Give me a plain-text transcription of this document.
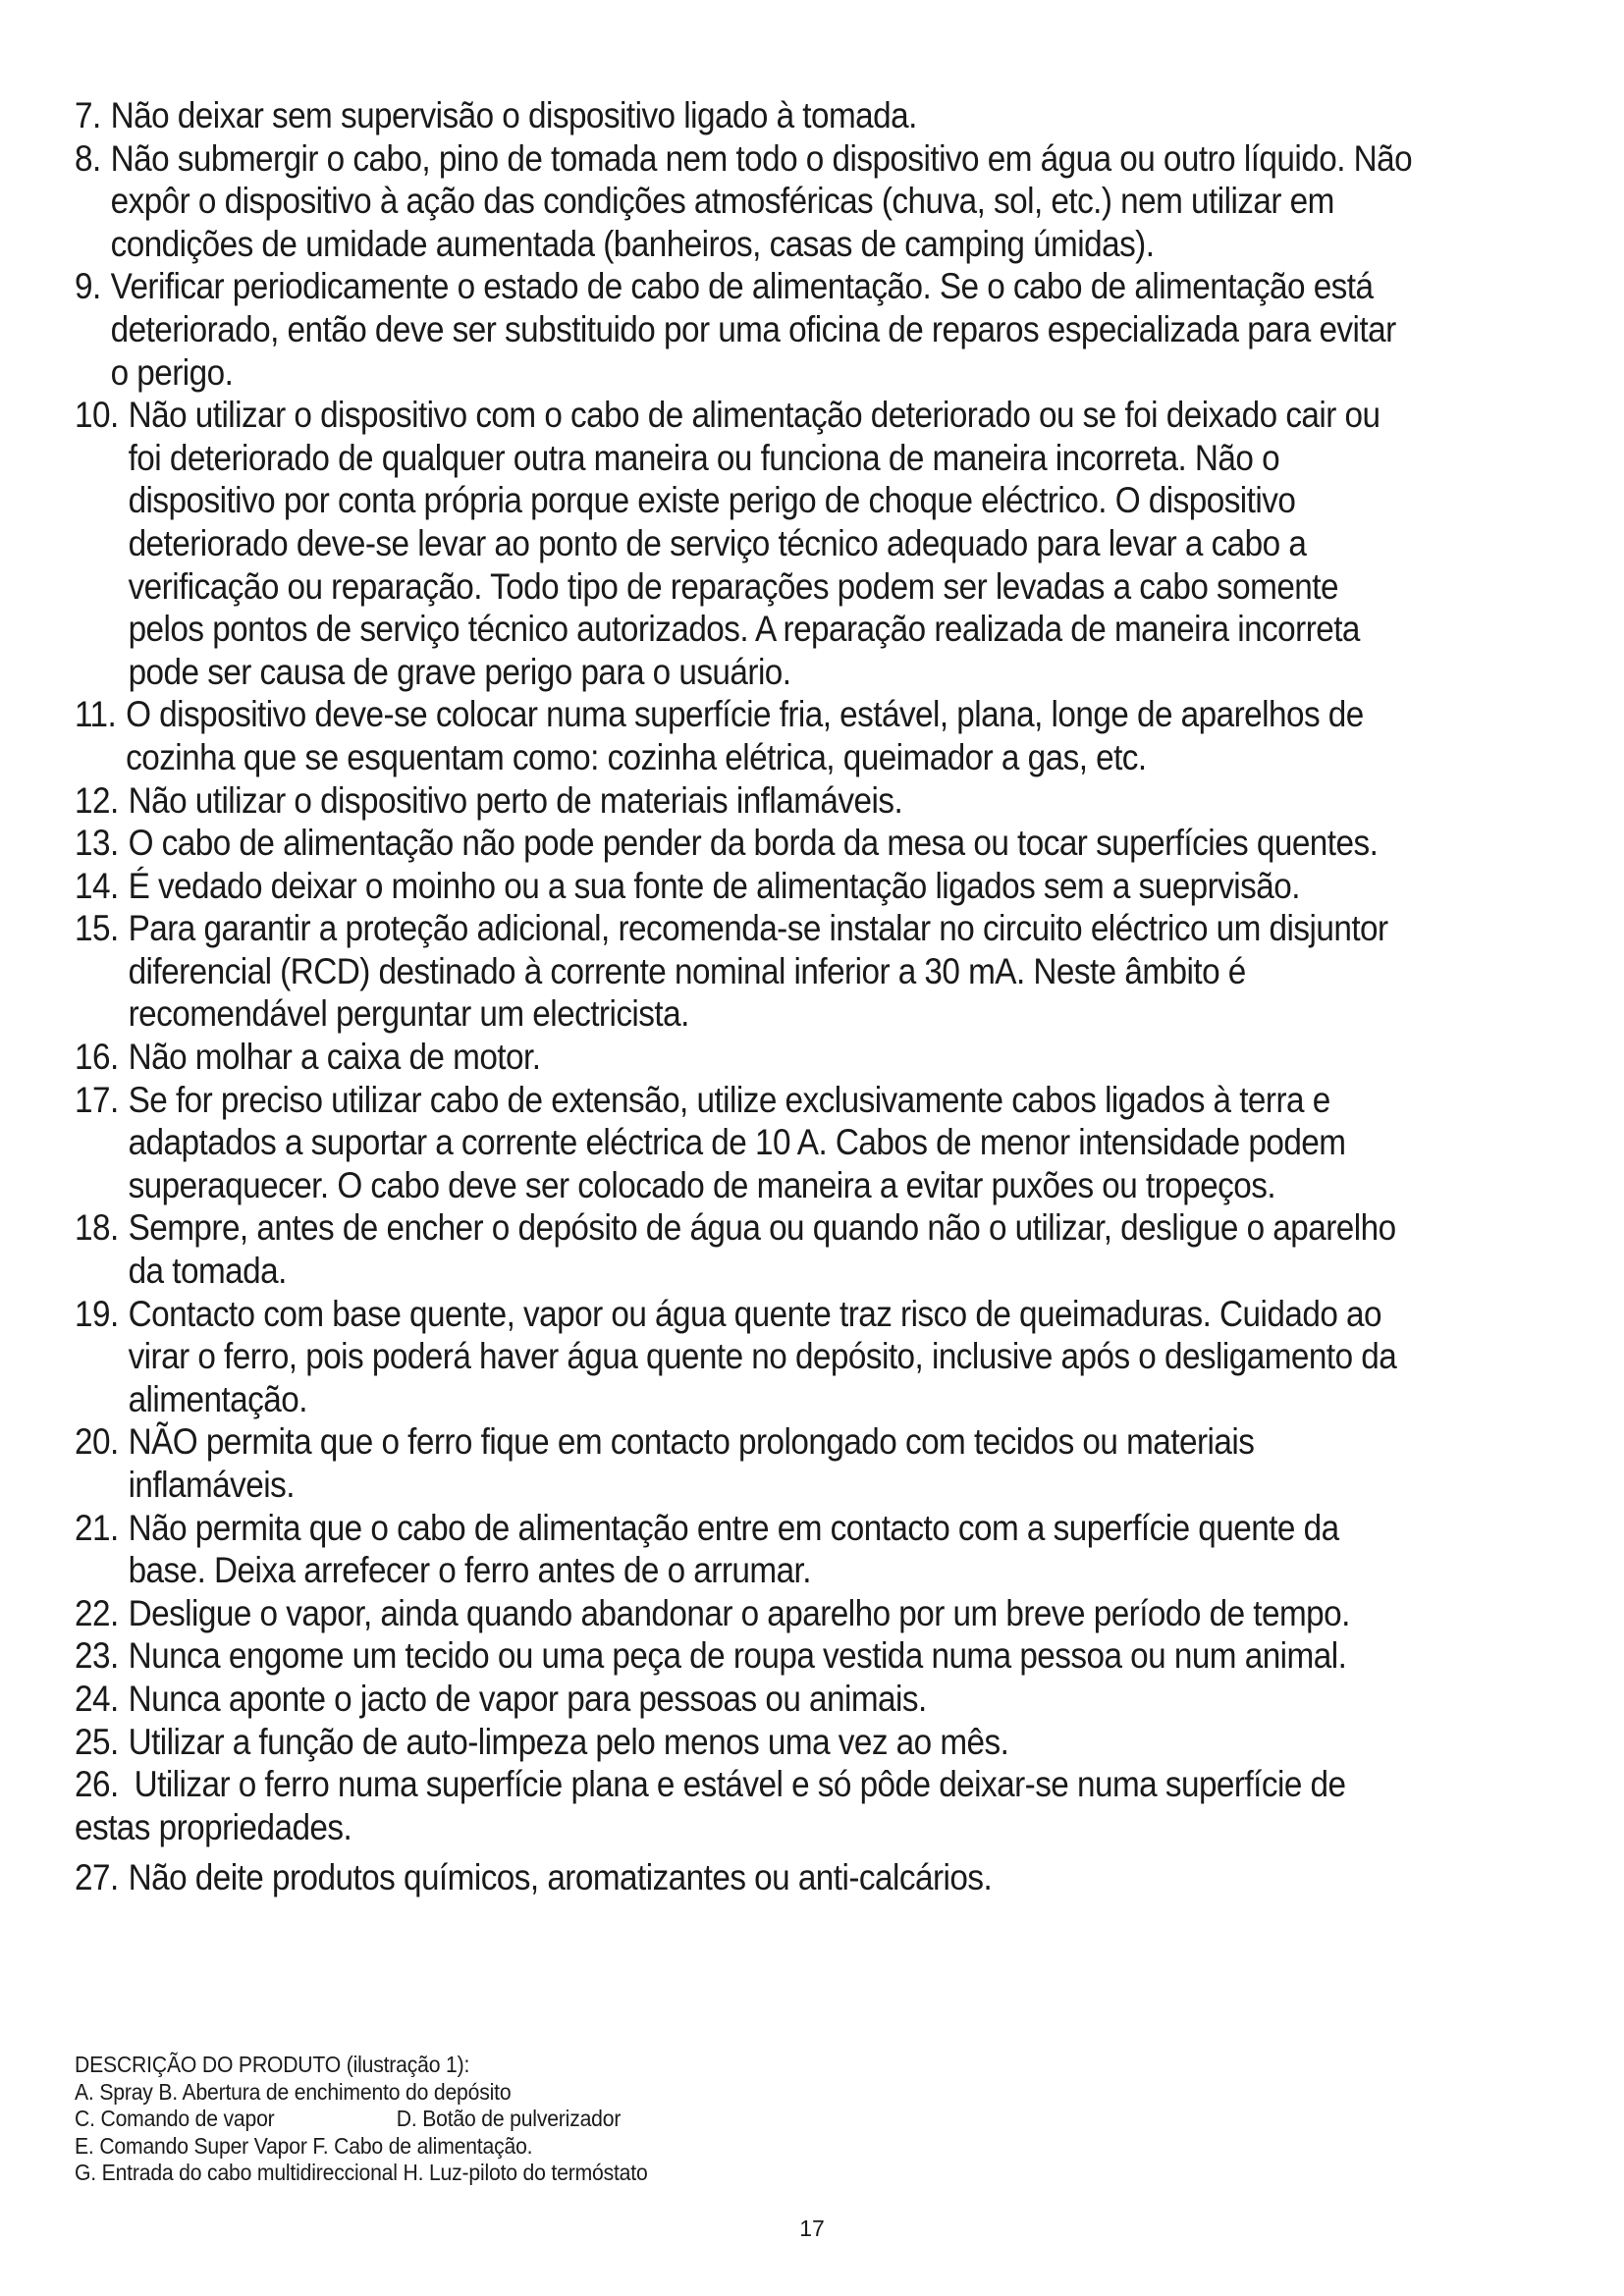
7. Não deixar sem supervisão o dispositivo ligado à tomada.
8. Não submergir o cabo, pino de tomada nem todo o dispositivo em água ou outro líquido. Não expôr o dispositivo à ação das condições atmosféricas (chuva, sol, etc.) nem utilizar em condições de umidade aumentada (banheiros, casas de camping úmidas).
9. Verificar periodicamente o estado de cabo de alimentação. Se o cabo de alimentação está deteriorado, então deve ser substituido por uma oficina de reparos especializada para evitar o perigo.
10. Não utilizar o dispositivo com o cabo de alimentação deteriorado ou se foi deixado cair ou foi deteriorado de qualquer outra maneira ou funciona de maneira incorreta. Não o dispositivo por conta própria porque existe perigo de choque eléctrico. O dispositivo deteriorado deve-se levar ao ponto de serviço técnico adequado para levar a cabo a verificação ou reparação. Todo tipo de reparações podem ser levadas a cabo somente pelos pontos de serviço técnico autorizados. A reparação realizada de maneira incorreta pode ser causa de grave perigo para o usuário.
11. O dispositivo deve-se colocar numa superfície fria, estável, plana, longe de aparelhos de cozinha que se esquentam como: cozinha elétrica, queimador a gas, etc.
12. Não utilizar o dispositivo perto de materiais inflamáveis.
13. O cabo de alimentação não pode pender da borda da mesa ou tocar superfícies quentes.
14. É vedado deixar o moinho ou a sua fonte de alimentação ligados sem a sueprvisão.
15. Para garantir a proteção adicional, recomenda-se instalar no circuito eléctrico um disjuntor diferencial (RCD) destinado à corrente nominal inferior a 30 mA. Neste âmbito é recomendável perguntar um electricista.
16. Não molhar a caixa de motor.
17. Se for preciso utilizar cabo de extensão, utilize exclusivamente cabos ligados à terra e adaptados a suportar a corrente eléctrica de 10 A. Cabos de menor intensidade podem superaquecer. O cabo deve ser colocado de maneira a evitar puxões ou tropeços.
18. Sempre, antes de encher o depósito de água ou quando não o utilizar, desligue o aparelho da tomada.
19. Contacto com base quente, vapor ou água quente traz risco de queimaduras. Cuidado ao virar o ferro, pois poderá haver água quente no depósito, inclusive após o desligamento da alimentação.
20. NÃO permita que o ferro fique em contacto prolongado com tecidos ou materiais inflamáveis.
21. Não permita que o cabo de alimentação entre em contacto com a superfície quente da base. Deixa arrefecer o ferro antes de o arrumar.
22. Desligue o vapor, ainda quando abandonar o aparelho por um breve período de tempo.
23. Nunca engome um tecido ou uma peça de roupa vestida numa pessoa ou num animal.
24. Nunca aponte o jacto de vapor para pessoas ou animais.
25. Utilizar a função de auto-limpeza pelo menos uma vez ao mês.
26. Utilizar o ferro numa superfície plana e estável e só pôde deixar-se numa superfície de estas propriedades.
27. Não deite produtos químicos, aromatizantes ou anti-calcários.
DESCRIÇÃO DO PRODUTO (ilustração 1):
A. Spray B. Abertura de enchimento do depósito
C. Comando de vapor	D. Botão de pulverizador
E. Comando Super Vapor F. Cabo de alimentação.
G. Entrada do cabo multidireccional H. Luz-piloto do termóstato
17
